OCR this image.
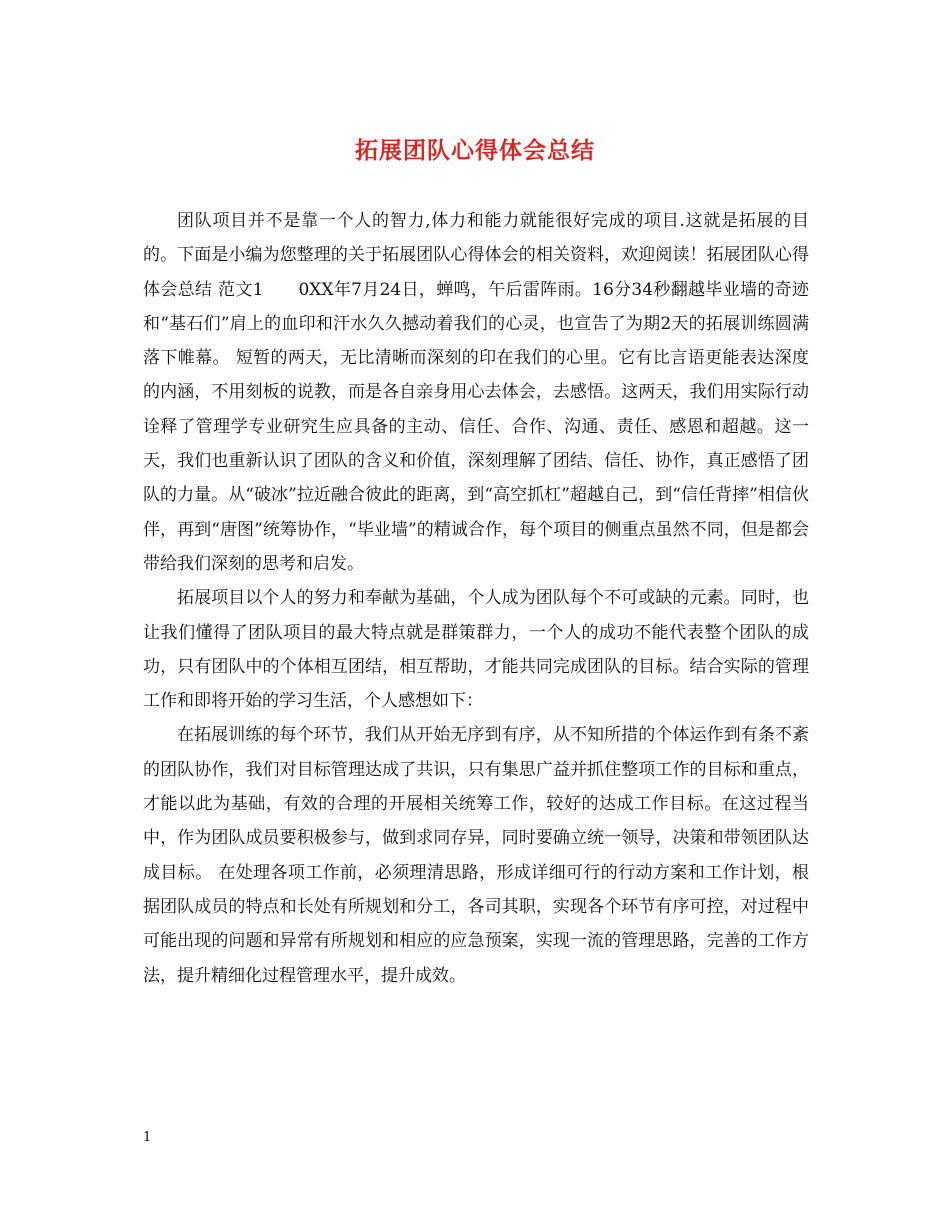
拓展团队心得体会总结

团队项目并不是靠一个人的智力,体力和能力就能很好完成的项目.这就是拓展的目的。下面是小编为您整理的关于拓展团队心得体会的相关资料，欢迎阅读！拓展团队心得体会总结 范文1　　0XX年7月24日，蝉鸣，午后雷阵雨。16分34秒翻越毕业墙的奇迹和“基石们”肩上的血印和汗水久久撼动着我们的心灵，也宣告了为期2天的拓展训练圆满落下帷幕。 短暂的两天，无比清晰而深刻的印在我们的心里。它有比言语更能表达深度的内涵，不用刻板的说教，而是各自亲身用心去体会，去感悟。这两天，我们用实际行动诠释了管理学专业研究生应具备的主动、信任、合作、沟通、责任、感恩和超越。这一天，我们也重新认识了团队的含义和价值，深刻理解了团结、信任、协作，真正感悟了团队的力量。从“破冰”拉近融合彼此的距离，到“高空抓杠”超越自己，到“信任背摔”相信伙伴，再到“唐图”统筹协作，“毕业墙”的精诚合作，每个项目的侧重点虽然不同，但是都会带给我们深刻的思考和启发。

拓展项目以个人的努力和奉献为基础，个人成为团队每个不可或缺的元素。同时，也让我们懂得了团队项目的最大特点就是群策群力，一个人的成功不能代表整个团队的成功，只有团队中的个体相互团结，相互帮助，才能共同完成团队的目标。结合实际的管理工作和即将开始的学习生活，个人感想如下：

在拓展训练的每个环节，我们从开始无序到有序，从不知所措的个体运作到有条不紊的团队协作，我们对目标管理达成了共识，只有集思广益并抓住整项工作的目标和重点，才能以此为基础，有效的合理的开展相关统筹工作，较好的达成工作目标。在这过程当中，作为团队成员要积极参与，做到求同存异，同时要确立统一领导，决策和带领团队达成目标。 在处理各项工作前，必须理清思路，形成详细可行的行动方案和工作计划，根据团队成员的特点和长处有所规划和分工，各司其职，实现各个环节有序可控，对过程中可能出现的问题和异常有所规划和相应的应急预案，实现一流的管理思路，完善的工作方法，提升精细化过程管理水平，提升成效。

1
